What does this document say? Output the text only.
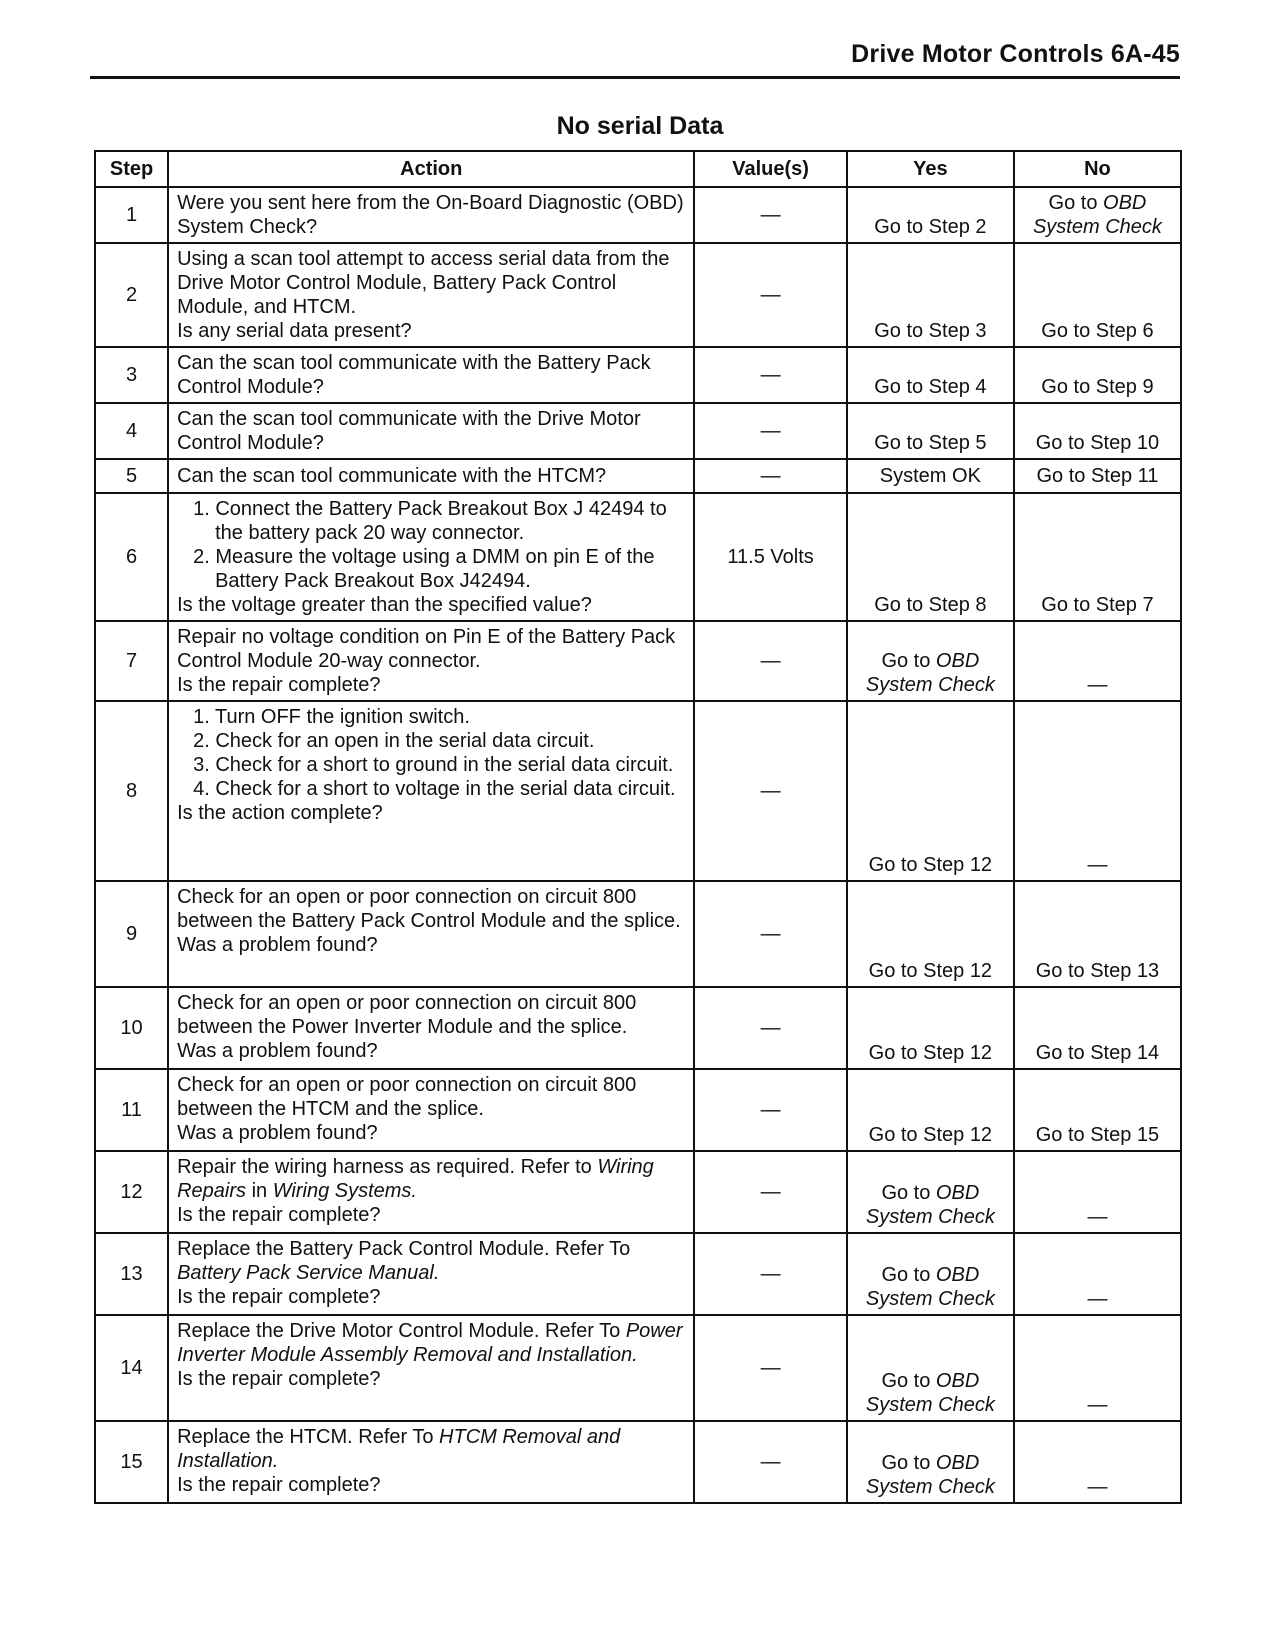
Drive Motor Controls 6A-45
No serial Data
Step	Action	Value(s)	Yes	No
1	Were you sent here from the On-Board Diagnostic (OBD) System Check?	—	Go to Step 2	Go to OBD System Check
2	Using a scan tool attempt to access serial data from the Drive Motor Control Module, Battery Pack Control Module, and HTCM.
Is any serial data present?	—	Go to Step 3	Go to Step 6
3	Can the scan tool communicate with the Battery Pack Control Module?	—	Go to Step 4	Go to Step 9
4	Can the scan tool communicate with the Drive Motor Control Module?	—	Go to Step 5	Go to Step 10
5	Can the scan tool communicate with the HTCM?	—	System OK	Go to Step 11
6	1. Connect the Battery Pack Breakout Box J 42494 to the battery pack 20 way connector.
2. Measure the voltage using a DMM on pin E of the Battery Pack Breakout Box J42494.
Is the voltage greater than the specified value?	11.5 Volts	Go to Step 8	Go to Step 7
7	Repair no voltage condition on Pin E of the Battery Pack Control Module 20-way connector.
Is the repair complete?	—	Go to OBD System Check	—
8	1. Turn OFF the ignition switch.
2. Check for an open in the serial data circuit.
3. Check for a short to ground in the serial data circuit.
4. Check for a short to voltage in the serial data circuit.
Is the action complete?	—	Go to Step 12	—
9	Check for an open or poor connection on circuit 800 between the Battery Pack Control Module and the splice.
Was a problem found?	—	Go to Step 12	Go to Step 13
10	Check for an open or poor connection on circuit 800 between the Power Inverter Module and the splice.
Was a problem found?	—	Go to Step 12	Go to Step 14
11	Check for an open or poor connection on circuit 800 between the HTCM and the splice.
Was a problem found?	—	Go to Step 12	Go to Step 15
12	Repair the wiring harness as required. Refer to Wiring Repairs in Wiring Systems.
Is the repair complete?	—	Go to OBD System Check	—
13	Replace the Battery Pack Control Module. Refer To Battery Pack Service Manual.
Is the repair complete?	—	Go to OBD System Check	—
14	Replace the Drive Motor Control Module. Refer To Power Inverter Module Assembly Removal and Installation.
Is the repair complete?	—	Go to OBD System Check	—
15	Replace the HTCM. Refer To HTCM Removal and Installation.
Is the repair complete?	—	Go to OBD System Check	—
